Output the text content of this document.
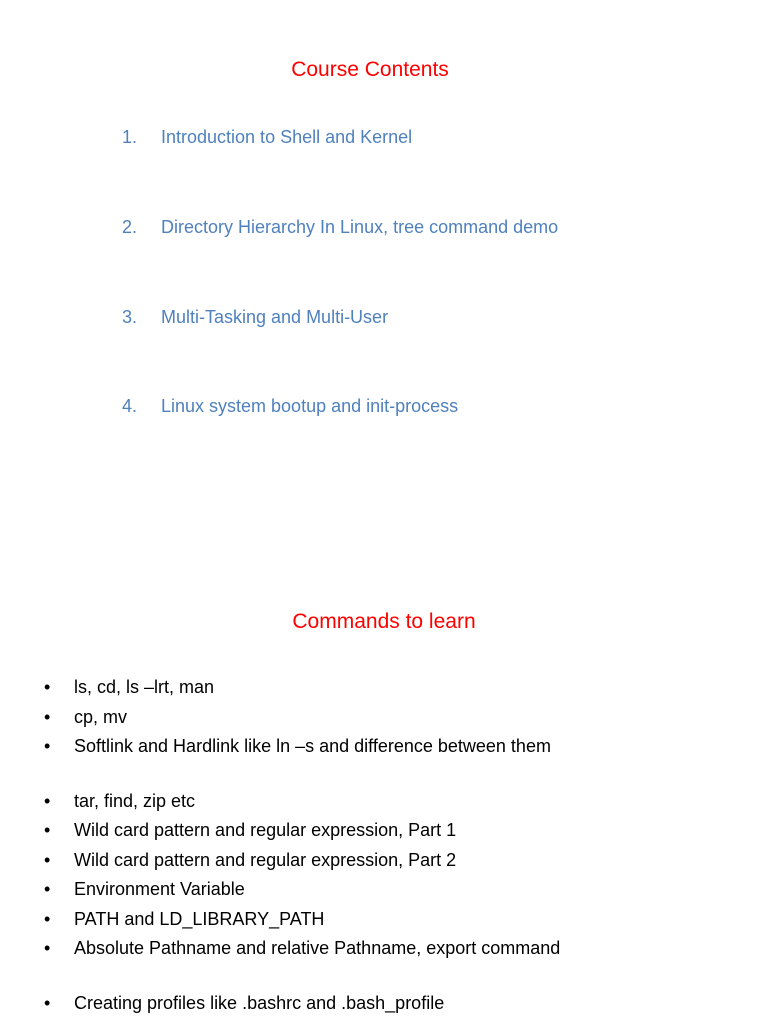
Course Contents
1. Introduction to Shell and Kernel
2. Directory Hierarchy In Linux, tree command demo
3. Multi-Tasking and Multi-User
4. Linux system bootup and init-process
Commands to learn
•	ls, cd, ls –lrt, man
•	cp, mv
•	Softlink and Hardlink like ln –s and difference between them
•	tar, find, zip etc
•	Wild card pattern and regular expression, Part 1
•	Wild card pattern and regular expression, Part 2
•	Environment Variable
•	PATH and LD_LIBRARY_PATH
•	Absolute Pathname and relative Pathname, export command
•	Creating profiles like .bashrc and .bash_profile
